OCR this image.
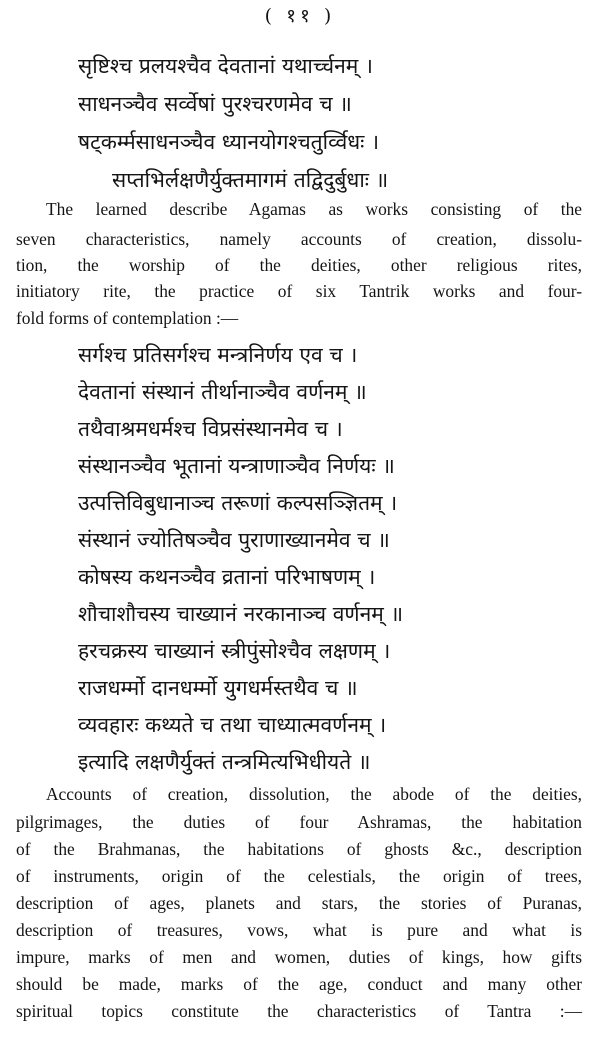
( ११ )
सृष्टिश्च प्रलयश्चैव देवतानां यथार्च्चनम् ।
साधनञ्चैव सर्व्वेषां पुरश्चरणमेव च ॥
षट्कर्म्मसाधनञ्चैव ध्यानयोगश्चतुर्व्विधः ।
सप्तभिर्लक्षणैर्युक्तमागमं तद्विदुर्बुधाः ॥
The learned describe Agamas as works consisting of the
seven characteristics, namely accounts of creation, dissolu-
tion, the worship of the deities, other religious rites,
initiatory rite, the practice of six Tantrik works and four-
fold forms of contemplation :—
सर्गश्च प्रतिसर्गश्च मन्त्रनिर्णय एव च ।
देवतानां संस्थानं तीर्थानाञ्चैव वर्णनम् ॥
तथैवाश्रमधर्मश्च विप्रसंस्थानमेव च ।
संस्थानञ्चैव भूतानां यन्त्राणाञ्चैव निर्णयः ॥
उत्पत्तिविबुधानाञ्च तरूणां कल्पसञ्ज्ञितम् ।
संस्थानं ज्योतिषञ्चैव पुराणाख्यानमेव च ॥
कोषस्य कथनञ्चैव व्रतानां परिभाषणम् ।
शौचाशौचस्य चाख्यानं नरकानाञ्च वर्णनम् ॥
हरचक्रस्य चाख्यानं स्त्रीपुंसोश्चैव लक्षणम् ।
राजधर्म्मो दानधर्म्मो युगधर्मस्तथैव च ॥
व्यवहारः कथ्यते च तथा चाध्यात्मवर्णनम् ।
इत्यादि लक्षणैर्युक्तं तन्त्रमित्यभिधीयते ॥
Accounts of creation, dissolution, the abode of the deities,
pilgrimages, the duties of four Ashramas, the habitation
of the Brahmanas, the habitations of ghosts &c., description
of instruments, origin of the celestials, the origin of trees,
description of ages, planets and stars, the stories of Puranas,
description of treasures, vows, what is pure and what is
impure, marks of men and women, duties of kings, how gifts
should be made, marks of the age, conduct and many other
spiritual topics constitute the characteristics of Tantra :—
